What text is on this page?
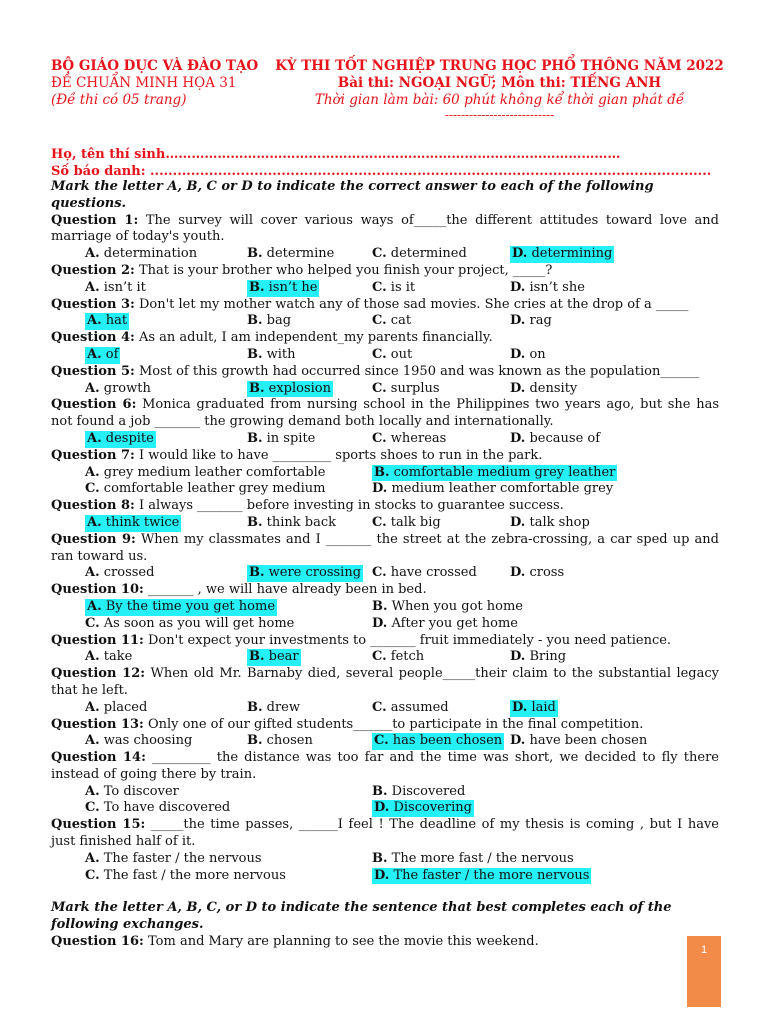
BỘ GIÁO DỤC VÀ ĐÀO TẠO
ĐỀ CHUẨN MINH HỌA 31
(Đề thi có 05 trang)
KỲ THI TỐT NGHIỆP TRUNG HỌC PHỔ THÔNG NĂM 2022
Bài thi: NGOẠI NGỮ; Môn thi: TIẾNG ANH
Thời gian làm bài: 60 phút không kể thời gian phát đề
---------------------------
Họ, tên thí sinh……………………………………………………………………………………………
Số báo danh: ............................................................................................................................
Mark the letter A, B, C or D to indicate the correct answer to each of the following questions.
Question 1: The survey will cover various ways of_____the different attitudes toward love and marriage of today's youth.
A. determination	B. determine	C. determined	D. determining
Question 2: That is your brother who helped you finish your project, _____?
A. isn’t it	B. isn’t he	C. is it	D. isn’t she
Question 3: Don't let my mother watch any of those sad movies. She cries at the drop of a _____
A. hat	B. bag	C. cat	D. rag
Question 4: As an adult, I am independent_my parents financially.
A. of	B. with	C. out	D. on
Question 5: Most of this growth had occurred since 1950 and was known as the population______
A. growth	B. explosion	C. surplus	D. density
Question 6: Monica graduated from nursing school in the Philippines two years ago, but she has not found a job _______ the growing demand both locally and internationally.
A. despite	B. in spite	C. whereas	D. because of
Question 7: I would like to have _________ sports shoes to run in the park.
A. grey medium leather comfortable	B. comfortable medium grey leather
C. comfortable leather grey medium	D. medium leather comfortable grey
Question 8: I always _______ before investing in stocks to guarantee success.
A. think twice	B. think back	C. talk big	D. talk shop
Question 9: When my classmates and I _______ the street at the zebra-crossing, a car sped up and ran toward us.
A. crossed	B. were crossing C. have crossed	D. cross
Question 10: _______ , we will have already been in bed.
A. By the time you get home	B. When you got home
C. As soon as you will get home	D. After you get home
Question 11: Don't expect your investments to _______ fruit immediately - you need patience.
A. take	B. bear	C. fetch	D. Bring
Question 12: When old Mr. Barnaby died, several people_____their claim to the substantial legacy that he left.
A. placed	B. drew	C. assumed	D. laid
Question 13: Only one of our gifted students______to participate in the final competition.
A. was choosing	B. chosen	C. has been chosen D. have been chosen
Question 14: _________ the distance was too far and the time was short, we decided to fly there instead of going there by train.
A. To discover	B. Discovered
C. To have discovered	D. Discovering
Question 15: _____the time passes, ______I feel ! The deadline of my thesis is coming , but I have just finished half of it.
A. The faster / the nervous	B. The more fast / the nervous
C. The fast / the more nervous	D. The faster / the more nervous
Mark the letter A, B, C, or D to indicate the sentence that best completes each of the following exchanges.
Question 16: Tom and Mary are planning to see the movie this weekend.
1
